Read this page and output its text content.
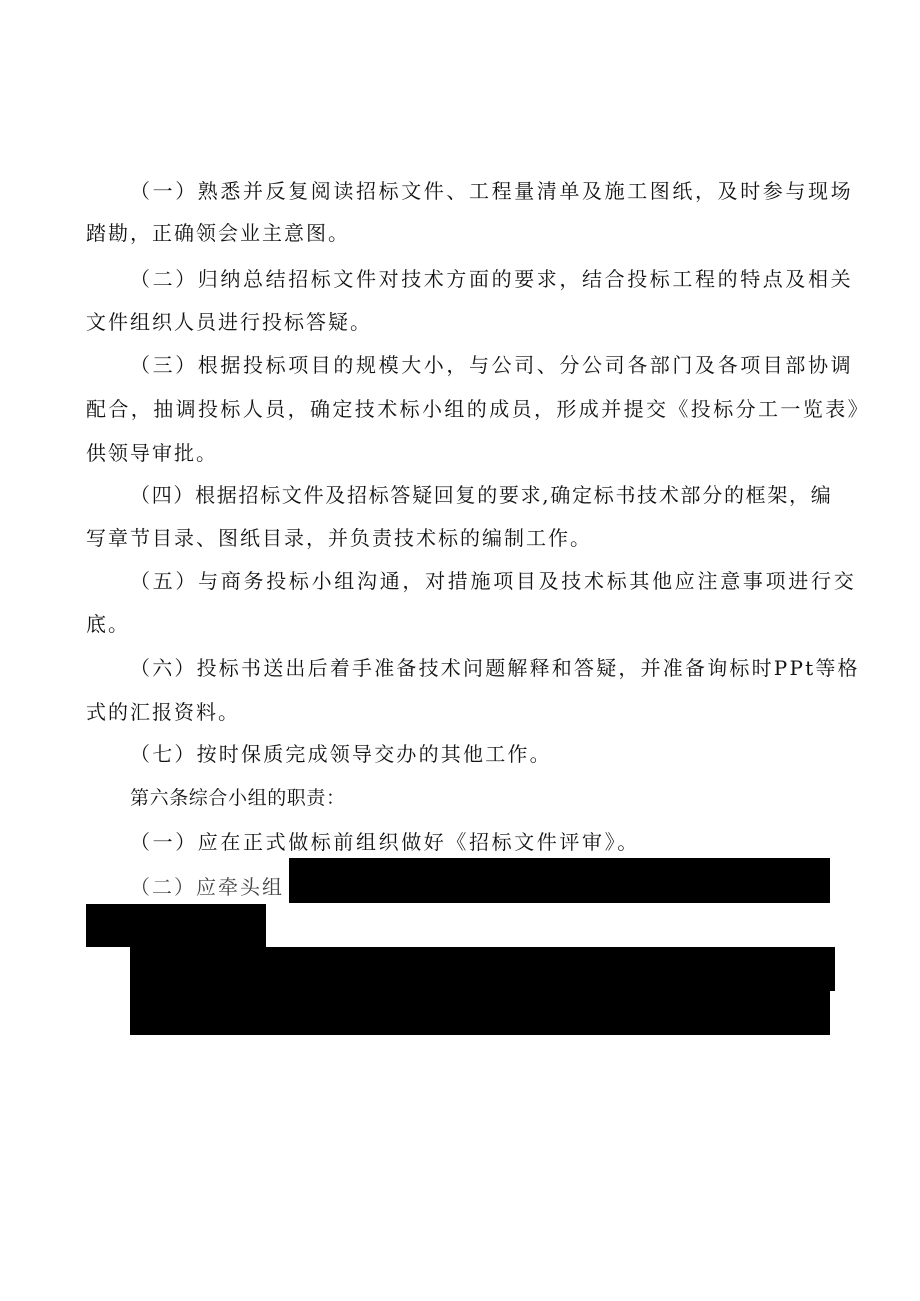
（一）熟悉并反复阅读招标文件、工程量清单及施工图纸，及时参与现场

踏勘，正确领会业主意图。

（二）归纳总结招标文件对技术方面的要求，结合投标工程的特点及相关

文件组织人员进行投标答疑。

（三）根据投标项目的规模大小，与公司、分公司各部门及各项目部协调

配合，抽调投标人员，确定技术标小组的成员，形成并提交《投标分工一览表》

供领导审批。

（四）根据招标文件及招标答疑回复的要求,确定标书技术部分的框架，编

写章节目录、图纸目录，并负责技术标的编制工作。

（五）与商务投标小组沟通，对措施项目及技术标其他应注意事项进行交

底。

（六）投标书送出后着手准备技术问题解释和答疑，并准备询标时PPt等格

式的汇报资料。

（七）按时保质完成领导交办的其他工作。

第六条综合小组的职责：

（一）应在正式做标前组织做好《招标文件评审》。

（二）应牵头组
